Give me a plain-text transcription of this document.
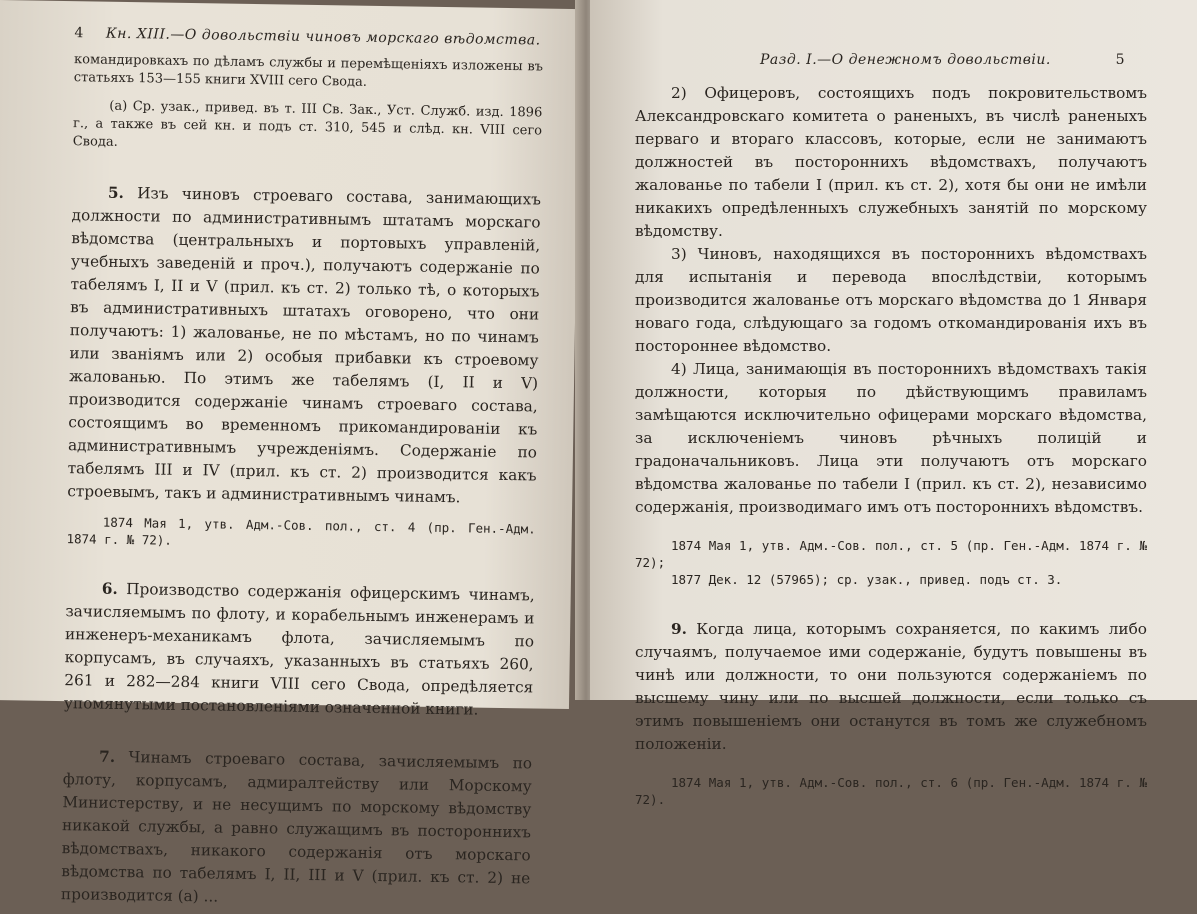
4 Кн. XIII.—О довольствiи чиновъ морскаго вѣдомства.

командировкахъ по дѣламъ службы и перемѣщенiяхъ изложены въ статьяхъ 153—155 книги XVIII сего Свода.

(а) Ср. узак., привед. въ т. III Св. Зак., Уст. Служб. изд. 1896 г., а также въ сей кн. и подъ ст. 310, 545 и слѣд. кн. VIII сего Свода.

5. Изъ чиновъ строеваго состава, занимающихъ должности по административнымъ штатамъ морскаго вѣдомства (центральныхъ и портовыхъ управленiй, учебныхъ заведенiй и проч.), получаютъ содержанiе по табелямъ I, II и V (прил. къ ст. 2) только тѣ, о которыхъ въ административныхъ штатахъ оговорено, что они получаютъ: 1) жалованье, не по мѣстамъ, но по чинамъ или званiямъ или 2) особыя прибавки къ строевому жалованью. По этимъ же табелямъ (I, II и V) производится содержанiе чинамъ строеваго состава, состоящимъ во временномъ прикомандированiи къ административнымъ учрежденiямъ. Содержанiе по табелямъ III и IV (прил. къ ст. 2) производится какъ строевымъ, такъ и административнымъ чинамъ.

1874 Мая 1, утв. Адм.-Сов. пол., ст. 4 (пр. Ген.-Адм. 1874 г. № 72).

6. Производство содержанiя офицерскимъ чинамъ, зачисляемымъ по флоту, и корабельнымъ инженерамъ и инженеръ-механикамъ флота, зачисляемымъ по корпусамъ, въ случаяхъ, указанныхъ въ статьяхъ 260, 261 и 282—284 книги VIII сего Свода, опредѣляется упомянутыми постановленiями означенной книги.

7. Чинамъ строеваго состава, зачисляемымъ по флоту, корпусамъ, адмиралтейству или Морскому Министерству, и не несущимъ по морскому вѣдомству никакой службы, а равно служащимъ въ постороннихъ вѣдомствахъ, никакого содержанiя отъ морскаго вѣдомства по табелямъ I, II, III и V (прил. къ ст. 2) не производится (а) ...

Разд. I.—О денежномъ довольствiи.	5

2) Офицеровъ, состоящихъ подъ покровительствомъ Александровскаго комитета о раненыхъ, въ числѣ раненыхъ перваго и втораго классовъ, которые, если не занимаютъ должностей въ постороннихъ вѣдомствахъ, получаютъ жалованье по табели I (прил. къ ст. 2), хотя бы они не имѣли никакихъ опредѣленныхъ служебныхъ занятiй по морскому вѣдомству.

3) Чиновъ, находящихся въ постороннихъ вѣдомствахъ для испытанiя и перевода впослѣдствiи, которымъ производится жалованье отъ морскаго вѣдомства до 1 Января новаго года, слѣдующаго за годомъ откомандированiя ихъ въ постороннее вѣдомство.

4) Лица, занимающiя въ постороннихъ вѣдомствахъ такiя должности, которыя по дѣйствующимъ правиламъ замѣщаются исключительно офицерами морскаго вѣдомства, за исключенiемъ чиновъ рѣчныхъ полицiй и градоначальниковъ. Лица эти получаютъ отъ морскаго вѣдомства жалованье по табели I (прил. къ ст. 2), независимо содержанiя, производимаго имъ отъ постороннихъ вѣдомствъ.

1874 Мая 1, утв. Адм.-Сов. пол., ст. 5 (пр. Ген.-Адм. 1874 г. № 72);

1877 Дек. 12 (57965); ср. узак., привед. подъ ст. 3.

9. Когда лица, которымъ сохраняется, по какимъ либо случаямъ, получаемое ими содержанiе, будутъ повышены въ чинѣ или должности, то они пользуются содержанiемъ по высшему чину или по высшей должности, если только съ этимъ повышенiемъ они останутся въ томъ же служебномъ положенiи.

1874 Мая 1, утв. Адм.-Сов. пол., ст. 6 (пр. Ген.-Адм. 1874 г. № 72).
